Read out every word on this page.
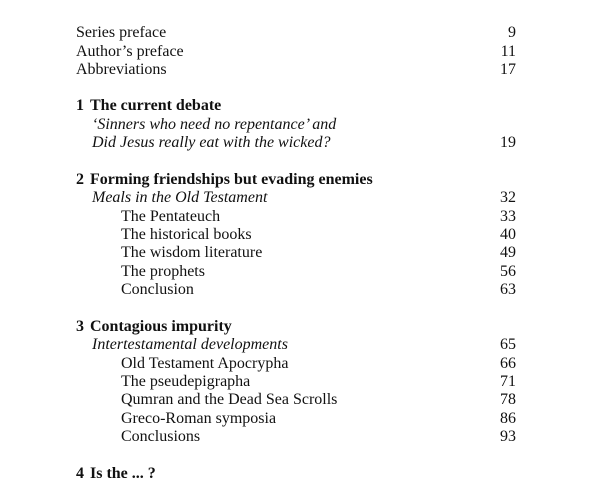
Series preface	9
Author’s preface	11
Abbreviations	17
1 The current debate
‘Sinners who need no repentance’ and
Did Jesus really eat with the wicked?	19
2 Forming friendships but evading enemies
Meals in the Old Testament	32
The Pentateuch	33
The historical books	40
The wisdom literature	49
The prophets	56
Conclusion	63
3 Contagious impurity
Intertestamental developments	65
Old Testament Apocrypha	66
The pseudepigrapha	71
Qumran and the Dead Sea Scrolls	78
Greco-Roman symposia	86
Conclusions	93
4 Is the ... ?
